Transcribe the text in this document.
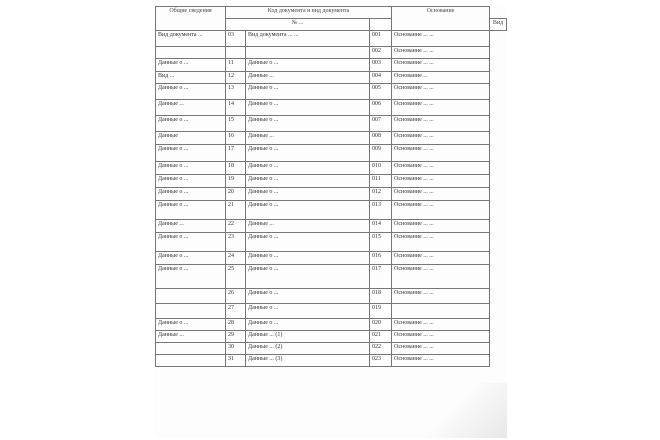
Общие сведения	Код документа и вид документа			Основание	
	№ ...				Вид
Вид документа ...	03	Вид документа ... ...	001	Основание ... ...	
			002	Основание ... ...	
Данные о ...	11	Данные о ...	003	Основание ... ...	
Вид ...	12	Данные ...	004	Основание ...	
Данные о ...	13	Данные о ...	005	Основание ... ...	
Данные ...	14	Данные о ...	006	Основание ... ...	
Данные о ...	15	Данные о ...	007	Основание ... ...	
Данные	16	Данные ...	008	Основание ... ...	
Данные о ...	17	Данные о ...	009	Основание ... ...	
Данные о ...	18	Данные о ...	010	Основание ... ...	
Данные о ...	19	Данные о ...	011	Основание ... ...	
Данные о ...	20	Данные о ...	012	Основание ... ...	
Данные о ...	21	Данные о ...	013	Основание ... ...	
Данные ...	22	Данные ...	014	Основание ... ...	
Данные о ...	23	Данные о ...	015	Основание ... ...	
Данные о ...	24	Данные о ...	016	Основание ... ...	
Данные о ...	25	Данные о ...	017	Основание ... ...	
	26	Данные о ...	018	Основание ... ...	
	27	Данные о ...	019		
Данные о ...	28	Данные о ...	020	Основание ... ...	
Данные ...	29	Данные ... (1)	021	Основание ... ...	
	30	Данные ... (2)	022	Основание ... ...	
	31	Данные ... (3)	023	Основание ... ...	
